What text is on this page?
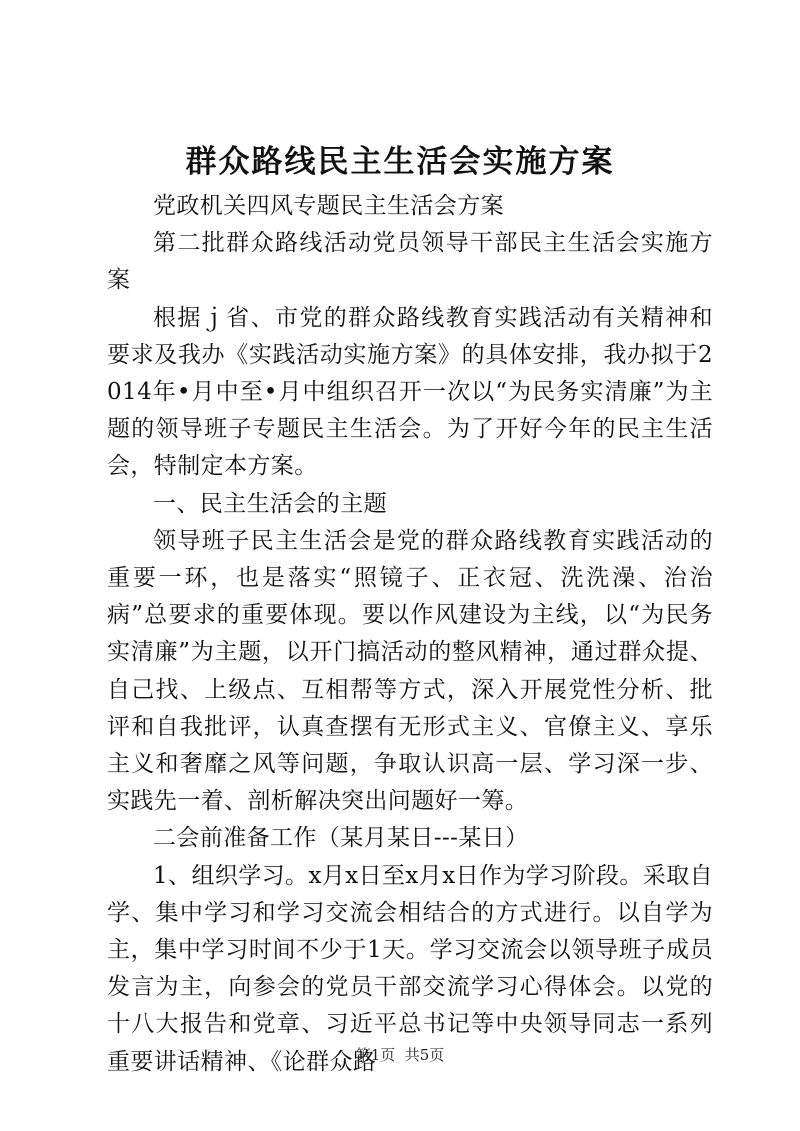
群众路线民主生活会实施方案

党政机关四风专题民主生活会方案

第二批群众路线活动党员领导干部民主生活会实施方案

根据ｊ省、市党的群众路线教育实践活动有关精神和要求及我办《实践活动实施方案》的具体安排，我办拟于2014年•月中至•月中组织召开一次以“为民务实清廉”为主题的领导班子专题民主生活会。为了开好今年的民主生活会，特制定本方案。

一、民主生活会的主题

领导班子民主生活会是党的群众路线教育实践活动的重要一环，也是落实“照镜子、正衣冠、洗洗澡、治治病”总要求的重要体现。要以作风建设为主线，以“为民务实清廉”为主题，以开门搞活动的整风精神，通过群众提、自己找、上级点、互相帮等方式，深入开展党性分析、批评和自我批评，认真查摆有无形式主义、官僚主义、享乐主义和奢靡之风等问题，争取认识高一层、学习深一步、实践先一着、剖析解决突出问题好一筹。

二会前准备工作（某月某日---某日）

1、组织学习。x月x日至x月x日作为学习阶段。采取自学、集中学习和学习交流会相结合的方式进行。以自学为主，集中学习时间不少于1天。学习交流会以领导班子成员发言为主，向参会的党员干部交流学习心得体会。以党的十八大报告和党章、习近平总书记等中央领导同志一系列重要讲话精神、《论群众路

第1页  共5页
